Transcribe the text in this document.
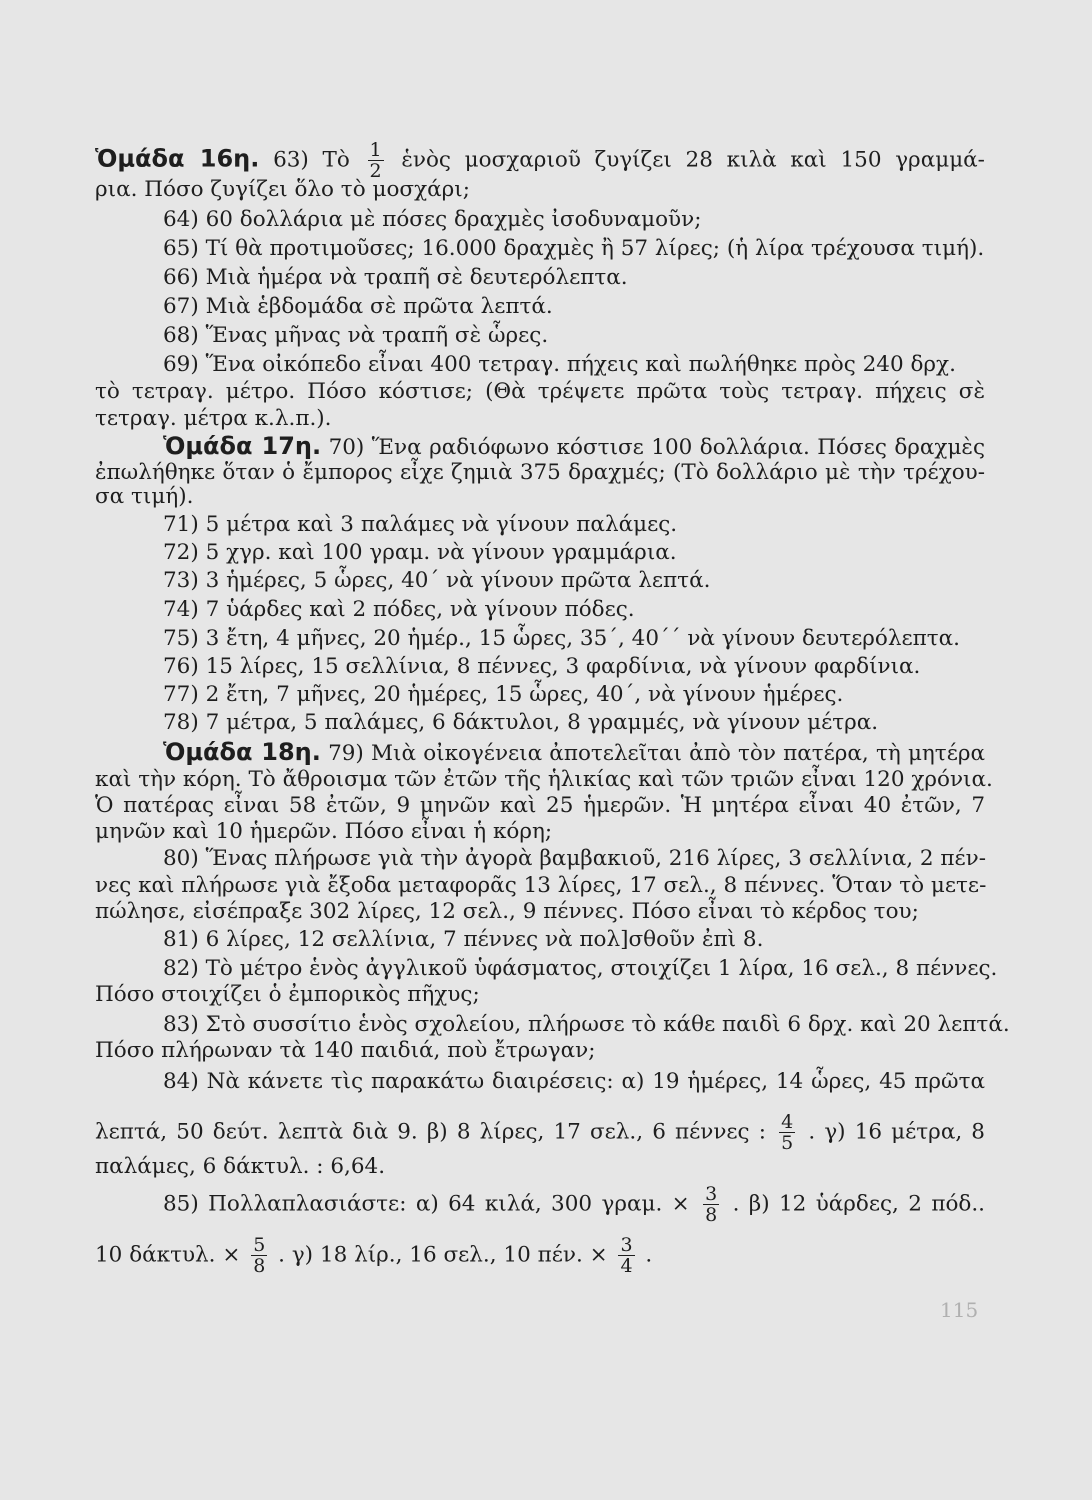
Ὁμάδα 16η. 63) Τὸ $\frac{1}{2}$ ἑνὸς μοσχαριοῦ ζυγίζει 28 κιλὰ καὶ 150 γραμμά-
ρια. Πόσο ζυγίζει ὅλο τὸ μοσχάρι;
64) 60 δολλάρια μὲ πόσες δραχμὲς ἰσοδυναμοῦν;
65) Τί θὰ προτιμοῦσες; 16.000 δραχμὲς ἢ 57 λίρες; (ἡ λίρα τρέχουσα τιμή).
66) Μιὰ ἡμέρα νὰ τραπῆ σὲ δευτερόλεπτα.
67) Μιὰ ἑβδομάδα σὲ πρῶτα λεπτά.
68) Ἕνας μῆνας νὰ τραπῆ σὲ ὧρες.
69) Ἕνα οἰκόπεδο εἶναι 400 τετραγ. πήχεις καὶ πωλήθηκε πρὸς 240 δρχ.
τὸ τετραγ. μέτρο. Πόσο κόστισε; (Θὰ τρέψετε πρῶτα τοὺς τετραγ. πήχεις σὲ
τετραγ. μέτρα κ.λ.π.).
Ὁμάδα 17η. 70) Ἕνα ραδιόφωνο κόστισε 100 δολλάρια. Πόσες δραχμὲς
ἐπωλήθηκε ὅταν ὁ ἔμπορος εἶχε ζημιὰ 375 δραχμές; (Τὸ δολλάριο μὲ τὴν τρέχου-
σα τιμή).
71) 5 μέτρα καὶ 3 παλάμες νὰ γίνουν παλάμες.
72) 5 χγρ. καὶ 100 γραμ. νὰ γίνουν γραμμάρια.
73) 3 ἡμέρες, 5 ὧρες, 40΄ νὰ γίνουν πρῶτα λεπτά.
74) 7 ὑάρδες καὶ 2 πόδες, νὰ γίνουν πόδες.
75) 3 ἔτη, 4 μῆνες, 20 ἡμέρ., 15 ὧρες, 35΄, 40΄΄ νὰ γίνουν δευτερόλεπτα.
76) 15 λίρες, 15 σελλίνια, 8 πέννες, 3 φαρδίνια, νὰ γίνουν φαρδίνια.
77) 2 ἔτη, 7 μῆνες, 20 ἡμέρες, 15 ὧρες, 40΄, νὰ γίνουν ἡμέρες.
78) 7 μέτρα, 5 παλάμες, 6 δάκτυλοι, 8 γραμμές, νὰ γίνουν μέτρα.
Ὁμάδα 18η. 79) Μιὰ οἰκογένεια ἀποτελεῖται ἀπὸ τὸν πατέρα, τὴ μητέρα
καὶ τὴν κόρη. Τὸ ἄθροισμα τῶν ἐτῶν τῆς ἡλικίας καὶ τῶν τριῶν εἶναι 120 χρόνια.
Ὁ πατέρας εἶναι 58 ἐτῶν, 9 μηνῶν καὶ 25 ἡμερῶν. Ἡ μητέρα εἶναι 40 ἐτῶν, 7
μηνῶν καὶ 10 ἡμερῶν. Πόσο εἶναι ἡ κόρη;
80) Ἕνας πλήρωσε γιὰ τὴν ἀγορὰ βαμβακιοῦ, 216 λίρες, 3 σελλίνια, 2 πέν-
νες καὶ πλήρωσε γιὰ ἔξοδα μεταφορᾶς 13 λίρες, 17 σελ., 8 πέννες. Ὅταν τὸ μετε-
πώλησε, εἰσέπραξε 302 λίρες, 12 σελ., 9 πέννες. Πόσο εἶναι τὸ κέρδος του;
81) 6 λίρες, 12 σελλίνια, 7 πέννες νὰ πολ]σθοῦν ἐπὶ 8.
82) Τὸ μέτρο ἑνὸς ἀγγλικοῦ ὑφάσματος, στοιχίζει 1 λίρα, 16 σελ., 8 πέννες.
Πόσο στοιχίζει ὁ ἐμπορικὸς πῆχυς;
83) Στὸ συσσίτιο ἑνὸς σχολείου, πλήρωσε τὸ κάθε παιδὶ 6 δρχ. καὶ 20 λεπτά.
Πόσο πλήρωναν τὰ 140 παιδιά, ποὺ ἔτρωγαν;
84) Νὰ κάνετε τὶς παρακάτω διαιρέσεις: α) 19 ἡμέρες, 14 ὧρες, 45 πρῶτα
λεπτά, 50 δεύτ. λεπτὰ διὰ 9. β) 8 λίρες, 17 σελ., 6 πέννες : $\frac{4}{5}$ . γ) 16 μέτρα, 8
παλάμες, 6 δάκτυλ. : 6,64.
85) Πολλαπλασιάστε: α) 64 κιλά, 300 γραμ. × $\frac{3}{8}$ . β) 12 ὑάρδες, 2 πόδ..
10 δάκτυλ. × $\frac{5}{8}$ . γ) 18 λίρ., 16 σελ., 10 πέν. × $\frac{3}{4}$ .
115
